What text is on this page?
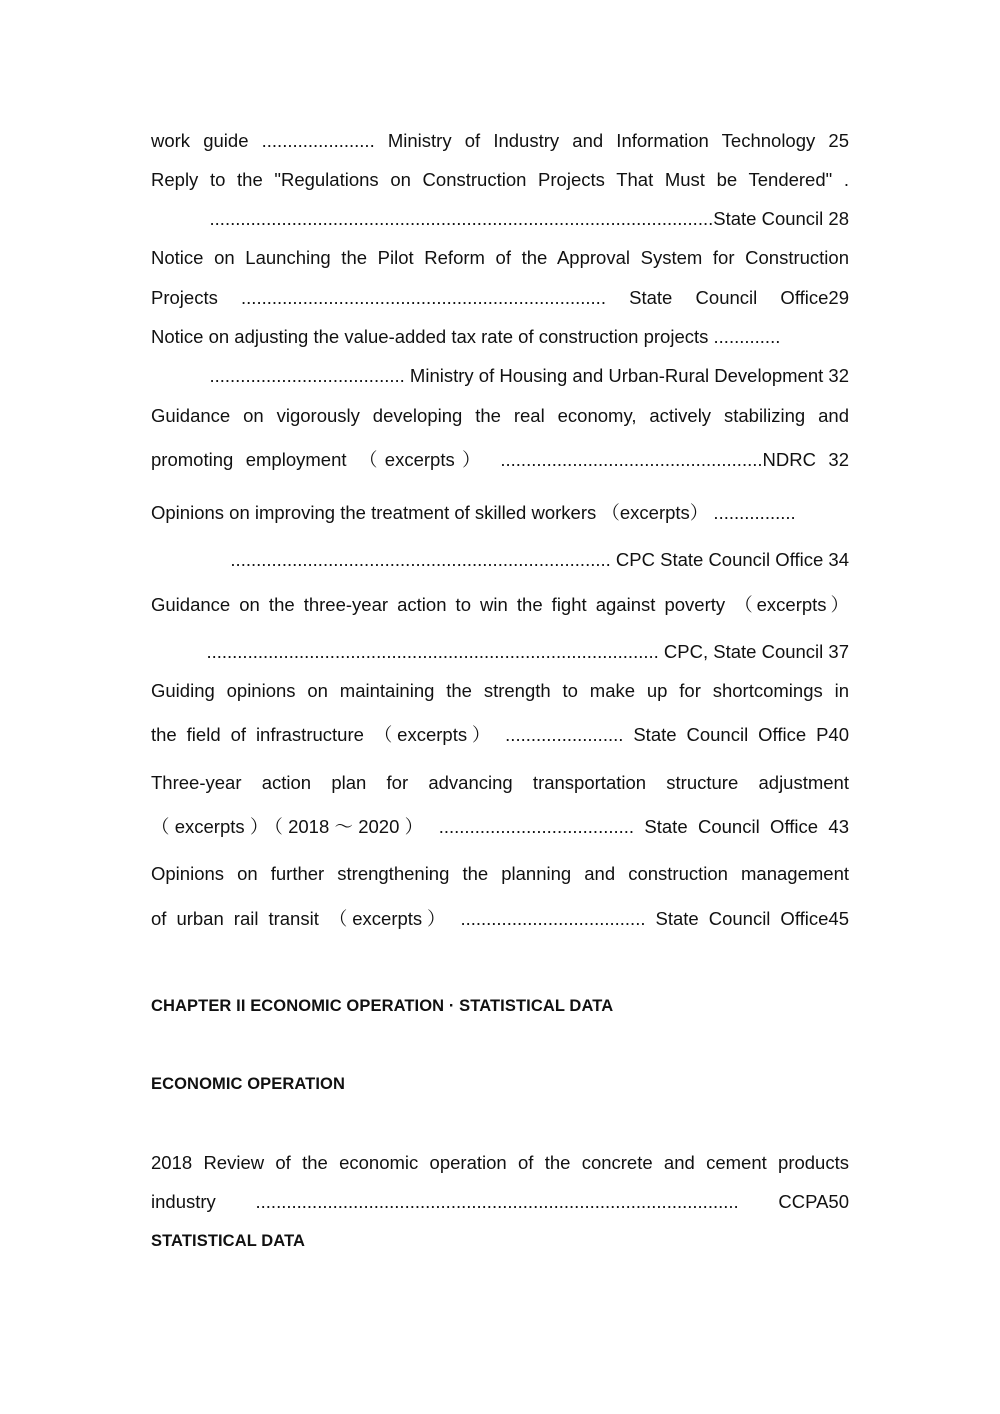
work guide ...................... Ministry of Industry and Information Technology 25
Reply to the "Regulations on Construction Projects That Must be Tendered" .
..................................................................................................State Council 28
Notice on Launching the Pilot Reform of the Approval System for Construction
Projects ....................................................................... State Council Office29
Notice on adjusting the value-added tax rate of construction projects .............
...................................... Ministry of Housing and Urban-Rural Development 32
Guidance on vigorously developing the real economy, actively stabilizing and
promoting employment （excerpts） ...................................................NDRC 32
Opinions on improving the treatment of skilled workers （excerpts） ................
.......................................................................... CPC State Council Office 34
Guidance on the three-year action to win the fight against poverty （excerpts）
........................................................................................ CPC, State Council 37
Guiding opinions on maintaining the strength to make up for shortcomings in
the field of infrastructure （excerpts） ....................... State Council Office P40
Three-year action plan for advancing transportation structure adjustment
（excerpts）（2018～2020） ...................................... State Council Office 43
Opinions on further strengthening the planning and construction management
of urban rail transit （excerpts） .................................... State Council Office45
CHAPTER II ECONOMIC OPERATION · STATISTICAL DATA
ECONOMIC OPERATION
2018 Review of the economic operation of the concrete and cement products
industry .............................................................................................. CCPA50
STATISTICAL DATA
